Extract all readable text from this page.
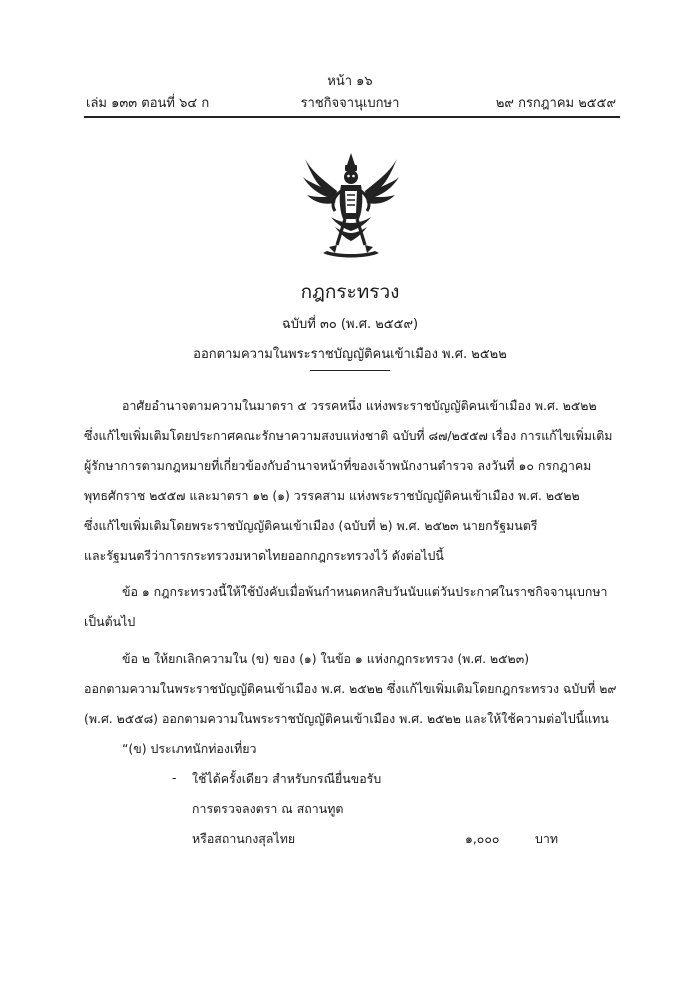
หน้า ๑๖
เล่ม ๑๓๓ ตอนที่ ๖๔ ก	ราชกิจจานุเบกษา	๒๙ กรกฎาคม ๒๕๕๙
กฎกระทรวง
ฉบับที่ ๓๐ (พ.ศ. ๒๕๕๙)
ออกตามความในพระราชบัญญัติคนเข้าเมือง พ.ศ. ๒๕๒๒
อาศัยอำนาจตามความในมาตรา ๕ วรรคหนึ่ง แห่งพระราชบัญญัติคนเข้าเมือง พ.ศ. ๒๕๒๒
ซึ่งแก้ไขเพิ่มเติมโดยประกาศคณะรักษาความสงบแห่งชาติ ฉบับที่ ๘๗/๒๕๕๗ เรื่อง การแก้ไขเพิ่มเติม
ผู้รักษาการตามกฎหมายที่เกี่ยวข้องกับอำนาจหน้าที่ของเจ้าพนักงานตำรวจ ลงวันที่ ๑๐ กรกฎาคม
พุทธศักราช ๒๕๕๗ และมาตรา ๑๒ (๑) วรรคสาม แห่งพระราชบัญญัติคนเข้าเมือง พ.ศ. ๒๕๒๒
ซึ่งแก้ไขเพิ่มเติมโดยพระราชบัญญัติคนเข้าเมือง (ฉบับที่ ๒) พ.ศ. ๒๕๒๓ นายกรัฐมนตรี
และรัฐมนตรีว่าการกระทรวงมหาดไทยออกกฎกระทรวงไว้ ดังต่อไปนี้
ข้อ ๑ กฎกระทรวงนี้ให้ใช้บังคับเมื่อพ้นกำหนดหกสิบวันนับแต่วันประกาศในราชกิจจานุเบกษา
เป็นต้นไป
ข้อ ๒ ให้ยกเลิกความใน (ข) ของ (๑) ในข้อ ๑ แห่งกฎกระทรวง (พ.ศ. ๒๕๒๓)
ออกตามความในพระราชบัญญัติคนเข้าเมือง พ.ศ. ๒๕๒๒ ซึ่งแก้ไขเพิ่มเติมโดยกฎกระทรวง ฉบับที่ ๒๙
(พ.ศ. ๒๕๕๘) ออกตามความในพระราชบัญญัติคนเข้าเมือง พ.ศ. ๒๕๒๒ และให้ใช้ความต่อไปนี้แทน
“(ข) ประเภทนักท่องเที่ยว
- ใช้ได้ครั้งเดียว สำหรับกรณียื่นขอรับ
การตรวจลงตรา ณ สถานทูต
หรือสถานกงสุลไทย	๑,๐๐๐	บาท
